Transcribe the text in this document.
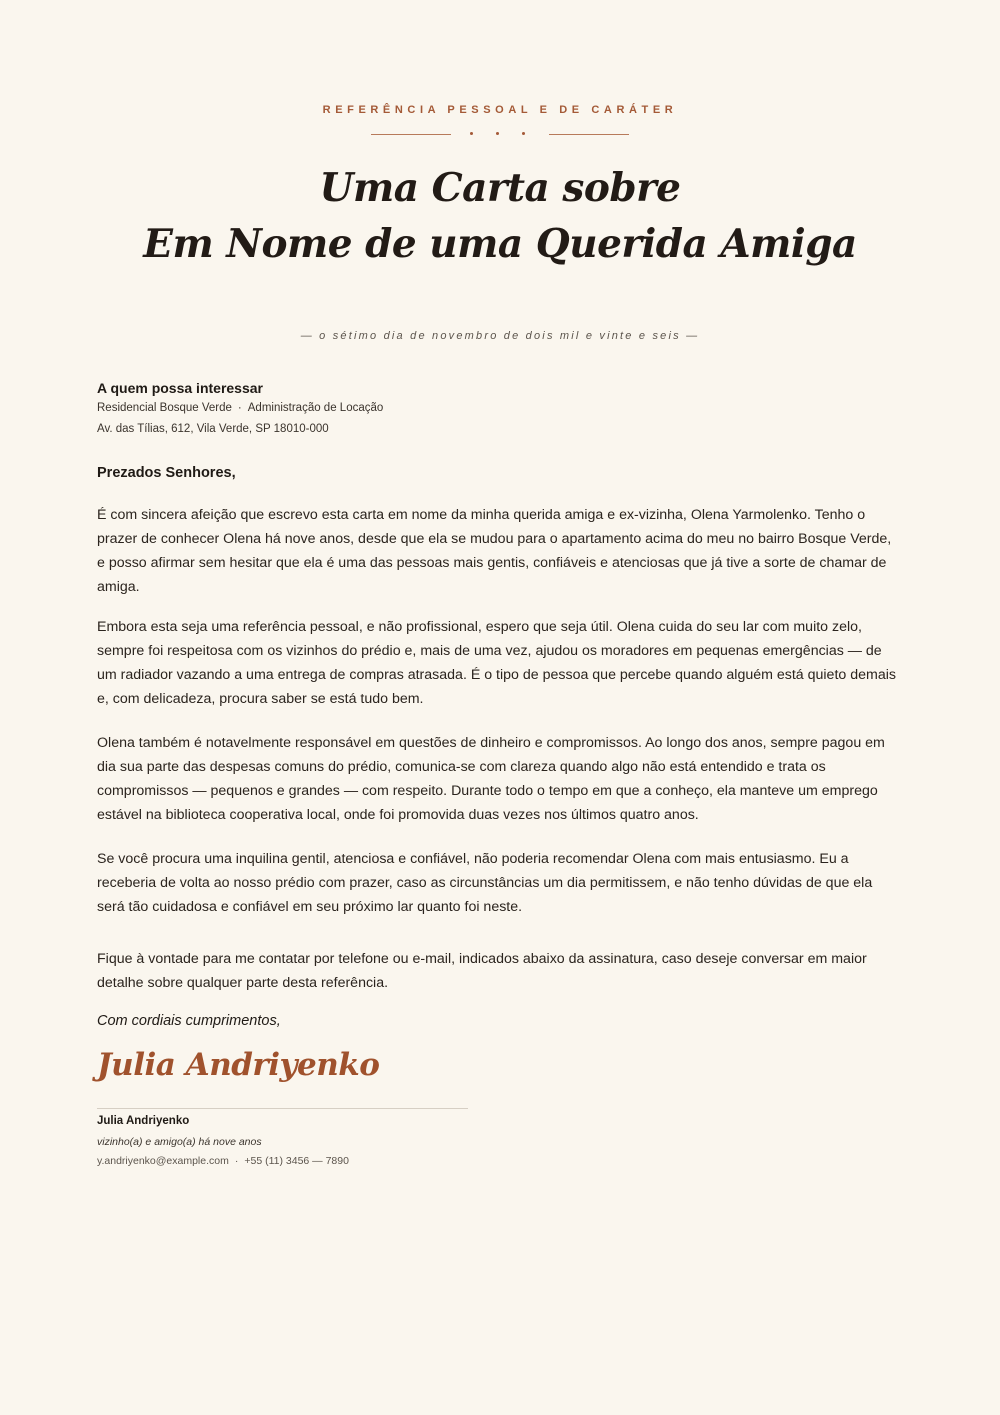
REFERÊNCIA PESSOAL E DE CARÁTER
Uma Carta sobre
Em Nome de uma Querida Amiga
— o sétimo dia de novembro de dois mil e vinte e seis —
A quem possa interessar
Residencial Bosque Verde · Administração de Locação
Av. das Tílias, 612, Vila Verde, SP 18010-000
Prezados Senhores,
É com sincera afeição que escrevo esta carta em nome da minha querida amiga e ex-vizinha, Olena Yarmolenko. Tenho o prazer de conhecer Olena há nove anos, desde que ela se mudou para o apartamento acima do meu no bairro Bosque Verde, e posso afirmar sem hesitar que ela é uma das pessoas mais gentis, confiáveis e atenciosas que já tive a sorte de chamar de amiga.
Embora esta seja uma referência pessoal, e não profissional, espero que seja útil. Olena cuida do seu lar com muito zelo, sempre foi respeitosa com os vizinhos do prédio e, mais de uma vez, ajudou os moradores em pequenas emergências — de um radiador vazando a uma entrega de compras atrasada. É o tipo de pessoa que percebe quando alguém está quieto demais e, com delicadeza, procura saber se está tudo bem.
Olena também é notavelmente responsável em questões de dinheiro e compromissos. Ao longo dos anos, sempre pagou em dia sua parte das despesas comuns do prédio, comunica-se com clareza quando algo não está entendido e trata os compromissos — pequenos e grandes — com respeito. Durante todo o tempo em que a conheço, ela manteve um emprego estável na biblioteca cooperativa local, onde foi promovida duas vezes nos últimos quatro anos.
Se você procura uma inquilina gentil, atenciosa e confiável, não poderia recomendar Olena com mais entusiasmo. Eu a receberia de volta ao nosso prédio com prazer, caso as circunstâncias um dia permitissem, e não tenho dúvidas de que ela será tão cuidadosa e confiável em seu próximo lar quanto foi neste.
Fique à vontade para me contatar por telefone ou e-mail, indicados abaixo da assinatura, caso deseje conversar em maior detalhe sobre qualquer parte desta referência.
Com cordiais cumprimentos,
Julia Andriyenko
Julia Andriyenko
vizinho(a) e amigo(a) há nove anos
y.andriyenko@example.com · +55 (11) 3456 — 7890
